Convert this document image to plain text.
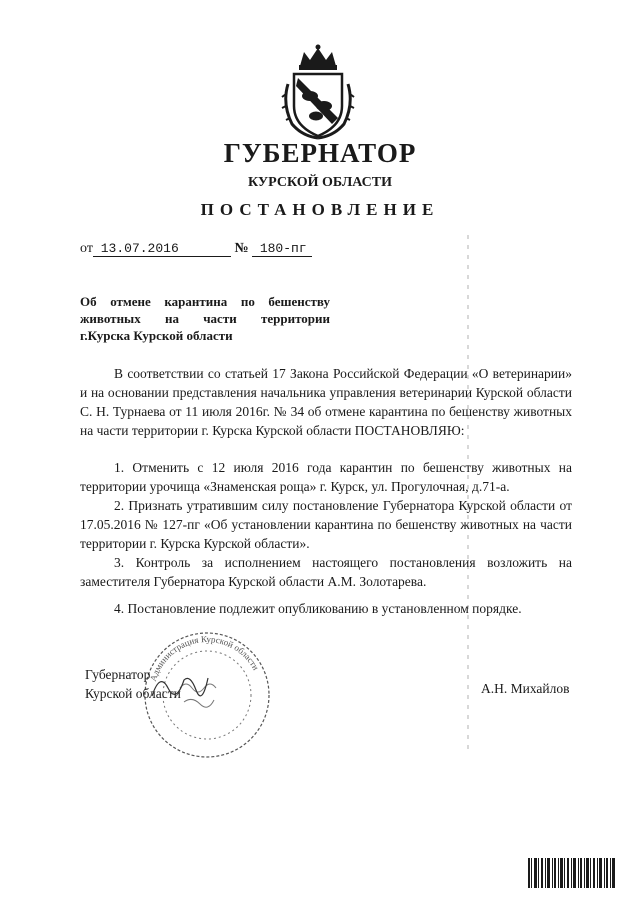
ГУБЕРНАТОР
КУРСКОЙ ОБЛАСТИ
ПОСТАНОВЛЕНИЕ
от 13.07.2016	№ 180-пг
Об отмене карантина по бешенству
животных на части территории
г.Курска Курской области
В соответствии со статьей 17 Закона Российской Федерации «О ветеринарии» и на основании представления начальника управления ветеринарии Курской области С. Н. Турнаева от 11 июля 2016г. № 34 об отмене карантина по бешенству животных на части территории г. Курска Курской области ПОСТАНОВЛЯЮ:
1. Отменить с 12 июля 2016 года карантин по бешенству животных на территории урочища «Знаменская роща» г. Курск, ул. Прогулочная, д.71-а.
2. Признать утратившим силу постановление Губернатора Курской области от 17.05.2016 № 127-пг «Об установлении карантина по бешенству животных на части территории г. Курска Курской области».
3. Контроль за исполнением настоящего постановления возложить на заместителя Губернатора Курской области А.М. Золотарева.
4. Постановление подлежит опубликованию в установленном порядке.
Администрация Курской области
Губернатор
Курской области	А.Н. Михайлов
